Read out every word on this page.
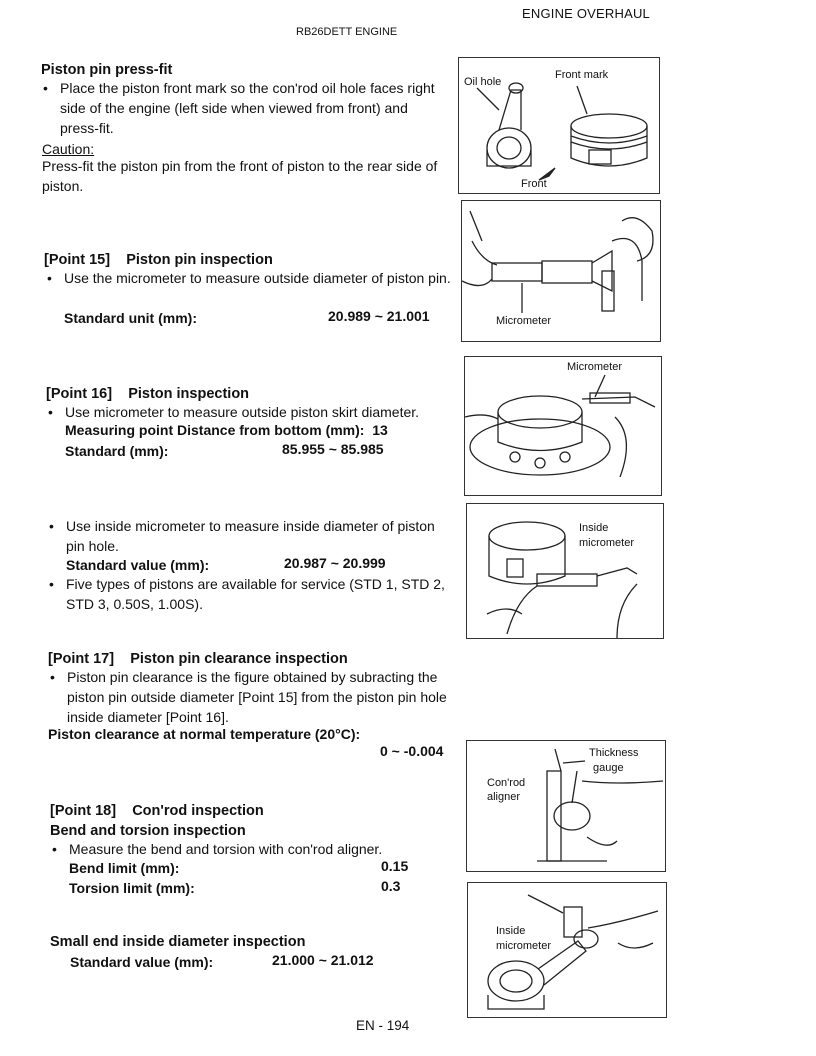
ENGINE OVERHAUL
RB26DETT ENGINE
Piston pin press-fit
• Place the piston front mark so the con'rod oil hole faces right side of the engine (left side when viewed from front) and press-fit.
Caution:
Press-fit the piston pin from the front of piston to the rear side of piston.
Oil hole
Front mark
Front
[Point 15] Piston pin inspection
• Use the micrometer to measure outside diameter of piston pin.
Standard unit (mm):	20.989 ~ 21.001	Micrometer
[Point 16] Piston inspection
• Use micrometer to measure outside piston skirt diameter.
Measuring point Distance from bottom (mm): 13
Standard (mm):	85.955 ~ 85.985
Micrometer
• Use inside micrometer to measure inside diameter of piston pin hole.
Standard value (mm):	20.987 ~ 20.999
• Five types of pistons are available for service (STD 1, STD 2, STD 3, 0.50S, 1.00S).
Inside
micrometer
[Point 17] Piston pin clearance inspection
• Piston pin clearance is the figure obtained by subracting the piston pin outside diameter [Point 15] from the piston pin hole inside diameter [Point 16].
Piston clearance at normal temperature (20°C):
0 ~ -0.004	Thickness
gauge
Con'rod
aligner
[Point 18] Con'rod inspection
Bend and torsion inspection
• Measure the bend and torsion with con'rod aligner.
Bend limit (mm):	0.15
Torsion limit (mm):	0.3
Small end inside diameter inspection
Standard value (mm):	21.000 ~ 21.012
Inside
micrometer
EN - 194
